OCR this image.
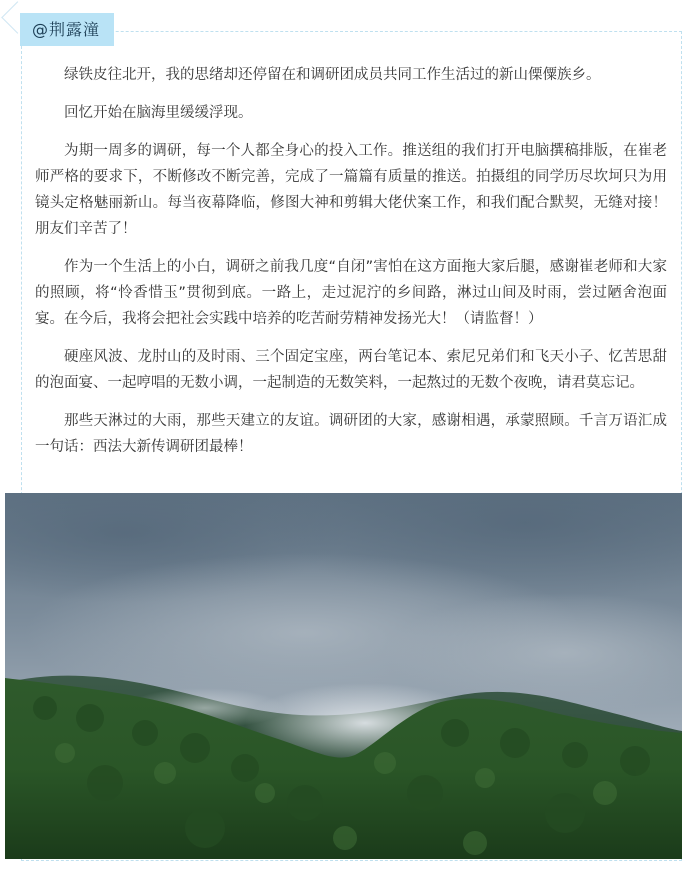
@荆露潼

绿铁皮往北开，我的思绪却还停留在和调研团成员共同工作生活过的新山傈僳族乡。

回忆开始在脑海里缓缓浮现。

为期一周多的调研，每一个人都全身心的投入工作。推送组的我们打开电脑撰稿排版，在崔老师严格的要求下，不断修改不断完善，完成了一篇篇有质量的推送。拍摄组的同学历尽坎坷只为用镜头定格魅丽新山。每当夜幕降临，修图大神和剪辑大佬伏案工作，和我们配合默契，无缝对接！朋友们辛苦了！

作为一个生活上的小白，调研之前我几度“自闭”害怕在这方面拖大家后腿，感谢崔老师和大家的照顾，将“怜香惜玉”贯彻到底。一路上，走过泥泞的乡间路，淋过山间及时雨，尝过陋舍泡面宴。在今后，我将会把社会实践中培养的吃苦耐劳精神发扬光大！（请监督！）

硬座风波、龙肘山的及时雨、三个固定宝座，两台笔记本、索尼兄弟们和飞天小子、忆苦思甜的泡面宴、一起哼唱的无数小调，一起制造的无数笑料，一起熬过的无数个夜晚，请君莫忘记。

那些天淋过的大雨，那些天建立的友谊。调研团的大家，感谢相遇，承蒙照顾。千言万语汇成一句话：西法大新传调研团最棒！
